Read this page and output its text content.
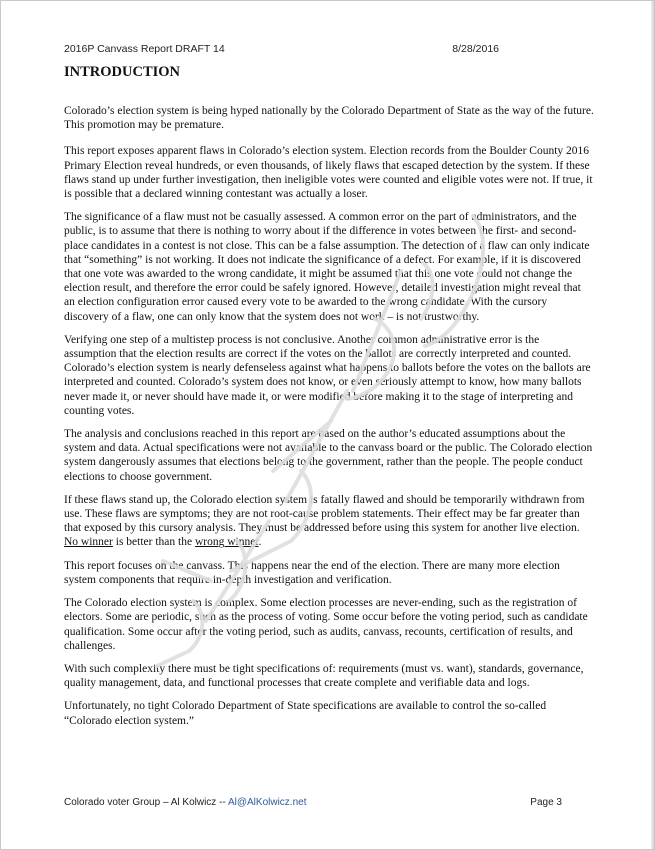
2016P Canvass Report DRAFT 14	8/28/2016
INTRODUCTION

Colorado’s election system is being hyped nationally by the Colorado Department of State as the way of the future. This promotion may be premature.

This report exposes apparent flaws in Colorado’s election system. Election records from the Boulder County 2016 Primary Election reveal hundreds, or even thousands, of likely flaws that escaped detection by the system. If these flaws stand up under further investigation, then ineligible votes were counted and eligible votes were not. If true, it is possible that a declared winning contestant was actually a loser.

The significance of a flaw must not be casually assessed. A common error on the part of administrators, and the public, is to assume that there is nothing to worry about if the difference in votes between the first- and second-place candidates in a contest is not close. This can be a false assumption. The detection of a flaw can only indicate that “something” is not working. It does not indicate the significance of a defect. For example, if it is discovered that one vote was awarded to the wrong candidate, it might be assumed that this one vote could not change the election result, and therefore the error could be safely ignored. However, detailed investigation might reveal that an election configuration error caused every vote to be awarded to the wrong candidate. With the cursory discovery of a flaw, one can only know that the system does not work – is not trustworthy.

Verifying one step of a multistep process is not conclusive. Another common administrative error is the assumption that the election results are correct if the votes on the ballots are correctly interpreted and counted. Colorado’s election system is nearly defenseless against what happens to ballots before the votes on the ballots are interpreted and counted. Colorado’s system does not know, or even seriously attempt to know, how many ballots never made it, or never should have made it, or were modified before making it to the stage of interpreting and counting votes.

The analysis and conclusions reached in this report are based on the author’s educated assumptions about the system and data. Actual specifications were not available to the canvass board or the public. The Colorado election system dangerously assumes that elections belong to the government, rather than the people. The people conduct elections to choose government.

If these flaws stand up, the Colorado election system is fatally flawed and should be temporarily withdrawn from use. These flaws are symptoms; they are not root-cause problem statements. Their effect may be far greater than that exposed by this cursory analysis. They must be addressed before using this system for another live election. No winner is better than the wrong winner.

This report focuses on the canvass. This happens near the end of the election. There are many more election system components that require in-depth investigation and verification.

The Colorado election system is complex. Some election processes are never-ending, such as the registration of electors. Some are periodic, such as the process of voting. Some occur before the voting period, such as candidate qualification. Some occur after the voting period, such as audits, canvass, recounts, certification of results, and challenges.

With such complexity there must be tight specifications of: requirements (must vs. want), standards, governance, quality management, data, and functional processes that create complete and verifiable data and logs.

Unfortunately, no tight Colorado Department of State specifications are available to control the so-called “Colorado election system.”

Colorado voter Group – Al Kolwicz -- Al@AlKolwicz.net	Page 3
